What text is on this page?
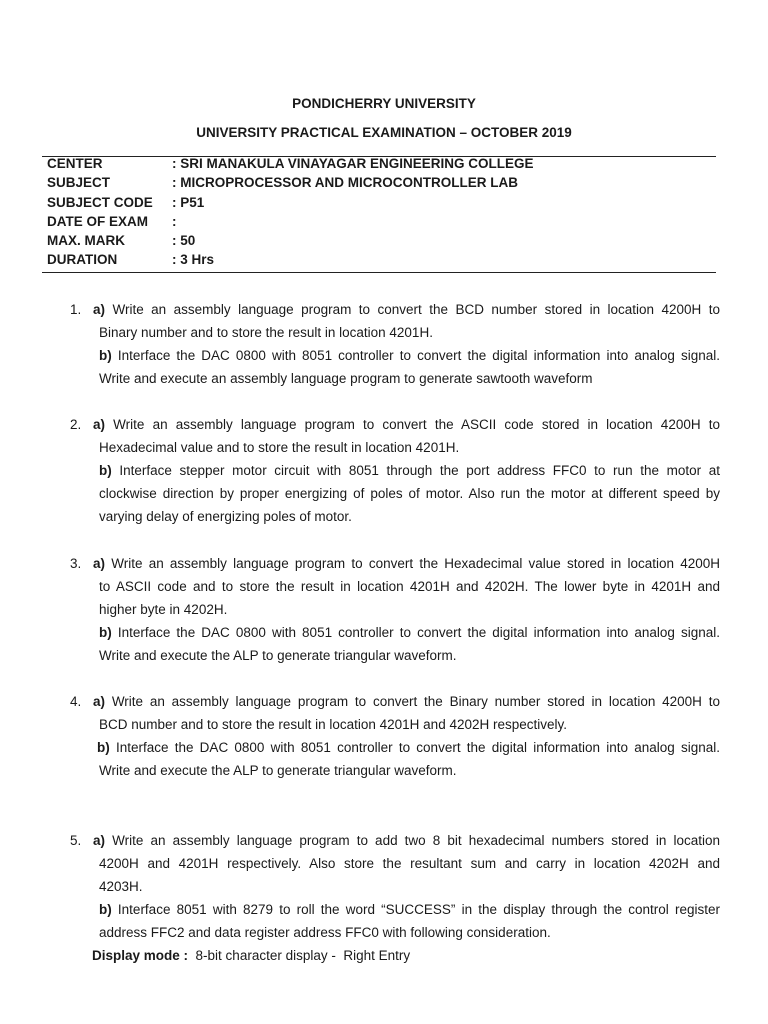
PONDICHERRY UNIVERSITY
UNIVERSITY PRACTICAL EXAMINATION – OCTOBER 2019
CENTER	: SRI MANAKULA VINAYAGAR ENGINEERING COLLEGE
SUBJECT	: MICROPROCESSOR AND MICROCONTROLLER LAB
SUBJECT CODE : P51
DATE OF EXAM :
MAX. MARK	: 50
DURATION	: 3 Hrs
1. a) Write an assembly language program to convert the BCD number stored in location 4200H to
Binary number and to store the result in location 4201H.
b) Interface the DAC 0800 with 8051 controller to convert the digital information into analog signal.
Write and execute an assembly language program to generate sawtooth waveform
2. a) Write an assembly language program to convert the ASCII code stored in location 4200H to
Hexadecimal value and to store the result in location 4201H.
b) Interface stepper motor circuit with 8051 through the port address FFC0 to run the motor at
clockwise direction by proper energizing of poles of motor. Also run the motor at different speed by
varying delay of energizing poles of motor.
3. a) Write an assembly language program to convert the Hexadecimal value stored in location 4200H
to ASCII code and to store the result in location 4201H and 4202H. The lower byte in 4201H and
higher byte in 4202H.
b) Interface the DAC 0800 with 8051 controller to convert the digital information into analog signal.
Write and execute the ALP to generate triangular waveform.
4. a) Write an assembly language program to convert the Binary number stored in location 4200H to
BCD number and to store the result in location 4201H and 4202H respectively.
b) Interface the DAC 0800 with 8051 controller to convert the digital information into analog signal.
Write and execute the ALP to generate triangular waveform.
5. a) Write an assembly language program to add two 8 bit hexadecimal numbers stored in location
4200H and 4201H respectively. Also store the resultant sum and carry in location 4202H and
4203H.
b) Interface 8051 with 8279 to roll the word “SUCCESS” in the display through the control register
address FFC2 and data register address FFC0 with following consideration.
Display mode : 8-bit character display -  Right Entry
